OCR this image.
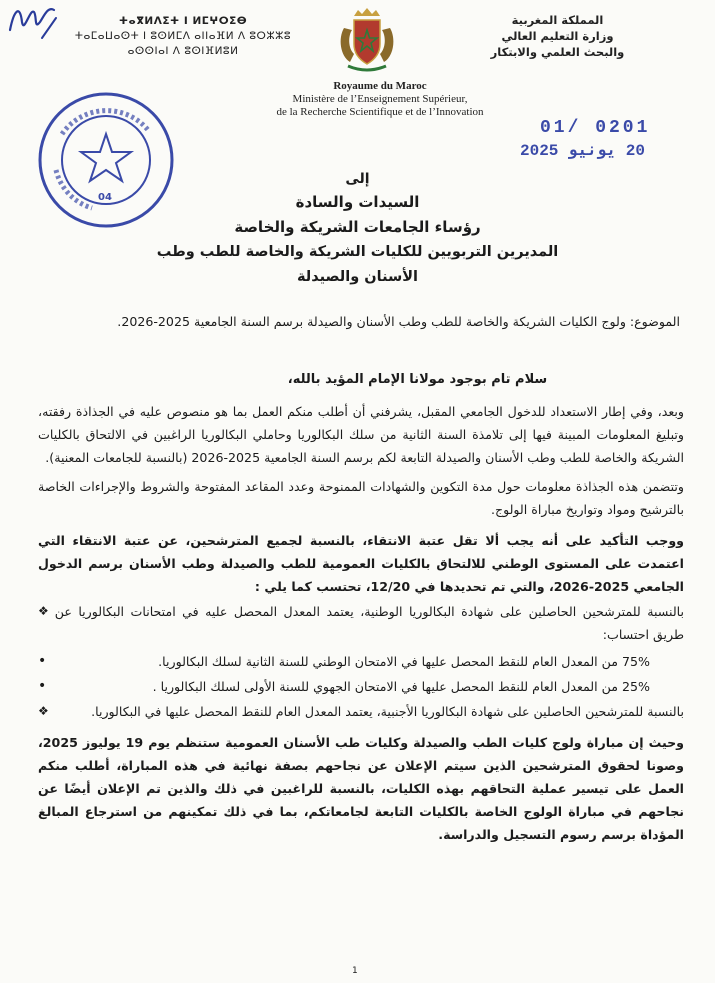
ⵜⴰⴳⵍⴷⵉⵜ ⵏ ⵍⵎⵖⵔⵉⴱ
ⵜⴰⵎⴰⵡⴰⵙⵜ ⵏ ⵓⵙⵍⵎⴷ ⴰⵏⵏⴰⴼⵍ ⴷ ⵓⵔⵣⵣⵓ
ⴰⵙⵙⵏⴰⵏ ⴷ ⵓⵙⵏⴼⵍⵓⵍ
المملكة المغربية
وزارة التعليم العالي
والبحث العلمي والابتكار
Royaume du Maroc
Ministère de l’Enseignement Supérieur,
de la Recherche Scientifique et de l’Innovation
04
01/ 0201
20 يونيو 2025
إلى
السيدات والسادة
رؤساء الجامعات الشريكة والخاصة
المديرين التربويين للكليات الشريكة والخاصة للطب وطب الأسنان والصيدلة
الموضوع: ولوج الكليات الشريكة والخاصة للطب وطب الأسنان والصيدلة برسم السنة الجامعية 2025-2026.
سلام تام بوجود مولانا الإمام المؤيد بالله،
وبعد، وفي إطار الاستعداد للدخول الجامعي المقبل، يشرفني أن أطلب منكم العمل بما هو منصوص عليه في الجذاذة رفقته، وتبليغ المعلومات المبينة فيها إلى تلامذة السنة الثانية من سلك البكالوريا وحاملي البكالوريا الراغبين في الالتحاق بالكليات الشريكة والخاصة للطب وطب الأسنان والصيدلة التابعة لكم برسم السنة الجامعية 2025-2026 (بالنسبة للجامعات المعنية).
وتتضمن هذه الجذاذة معلومات حول مدة التكوين والشهادات الممنوحة وعدد المقاعد المفتوحة والشروط والإجراءات الخاصة بالترشيح ومواد وتواريخ مباراة الولوج.
ووجب التأكيد على أنه يجب ألا تقل عتبة الانتقاء، بالنسبة لجميع المترشحين، عن عتبة الانتقاء التي اعتمدت على المستوى الوطني للالتحاق بالكليات العمومية للطب والصيدلة وطب الأسنان برسم الدخول الجامعي 2025-2026، والتي تم تحديدها في 12/20، تحتسب كما يلي :
❖ بالنسبة للمترشحين الحاصلين على شهادة البكالوريا الوطنية، يعتمد المعدل المحصل عليه في امتحانات البكالوريا عن طريق احتساب:
•	75% من المعدل العام للنقط المحصل عليها في الامتحان الوطني للسنة الثانية لسلك البكالوريا.
•	25% من المعدل العام للنقط المحصل عليها في الامتحان الجهوي للسنة الأولى لسلك البكالوريا .
❖	بالنسبة للمترشحين الحاصلين على شهادة البكالوريا الأجنبية، يعتمد المعدل العام للنقط المحصل عليها في البكالوريا.
وحيث إن مباراة ولوج كليات الطب والصيدلة وكليات طب الأسنان العمومية ستنظم يوم 19 يوليوز 2025، وصونا لحقوق المترشحين الذين سيتم الإعلان عن نجاحهم بصفة نهائية في هذه المباراة، أطلب منكم العمل على تيسير عملية التحاقهم بهذه الكليات، بالنسبة للراغبين في ذلك والذين تم الإعلان أيضًا عن نجاحهم في مباراة الولوج الخاصة بالكليات التابعة لجامعاتكم، بما في ذلك تمكينهم من استرجاع المبالغ المؤداة برسم رسوم التسجيل والدراسة.
1
